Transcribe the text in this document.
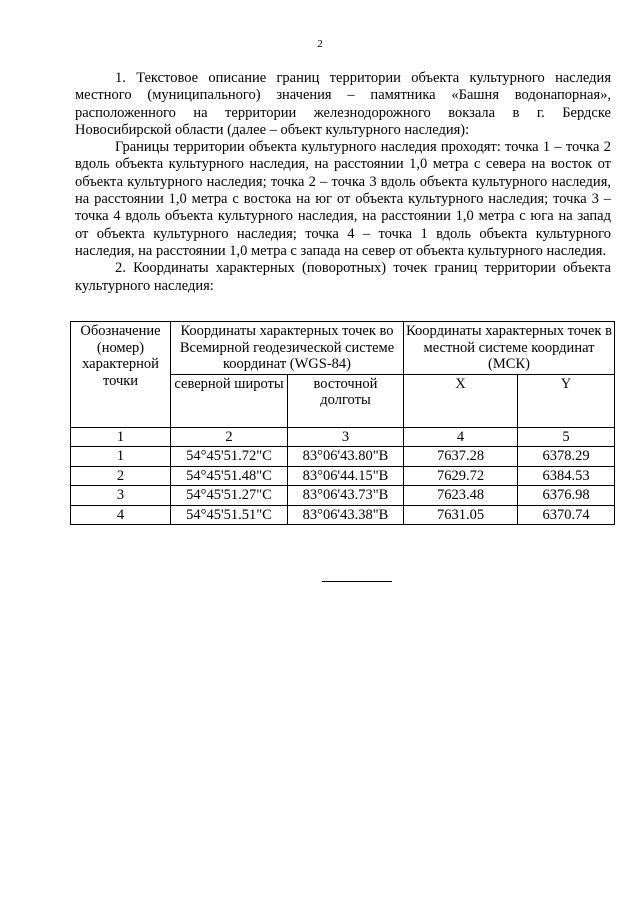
2

1. Текстовое описание границ территории объекта культурного наследия местного (муниципального) значения – памятника «Башня водонапорная», расположенного на территории железнодорожного вокзала в г. Бердске Новосибирской области (далее – объект культурного наследия):

Границы территории объекта культурного наследия проходят: точка 1 – точка 2 вдоль объекта культурного наследия, на расстоянии 1,0 метра с севера на восток от объекта культурного наследия; точка 2 – точка 3 вдоль объекта культурного наследия, на расстоянии 1,0 метра с востока на юг от объекта культурного наследия; точка 3 – точка 4 вдоль объекта культурного наследия, на расстоянии 1,0 метра с юга на запад от объекта культурного наследия; точка 4 – точка 1 вдоль объекта культурного наследия, на расстоянии 1,0 метра с запада на север от объекта культурного наследия.

2. Координаты характерных (поворотных) точек границ территории объекта культурного наследия:

Обозначение (номер) характерной точки	Координаты характерных точек во Всемирной геодезической системе координат (WGS-84)		Координаты характерных точек в местной системе координат (МСК)	
	северной широты	восточной долготы	X	Y
1	2	3	4	5
1	54°45'51.72"С	83°06'43.80"В	7637.28	6378.29
2	54°45'51.48"С	83°06'44.15"В	7629.72	6384.53
3	54°45'51.27"С	83°06'43.73"В	7623.48	6376.98
4	54°45'51.51"С	83°06'43.38"В	7631.05	6370.74
